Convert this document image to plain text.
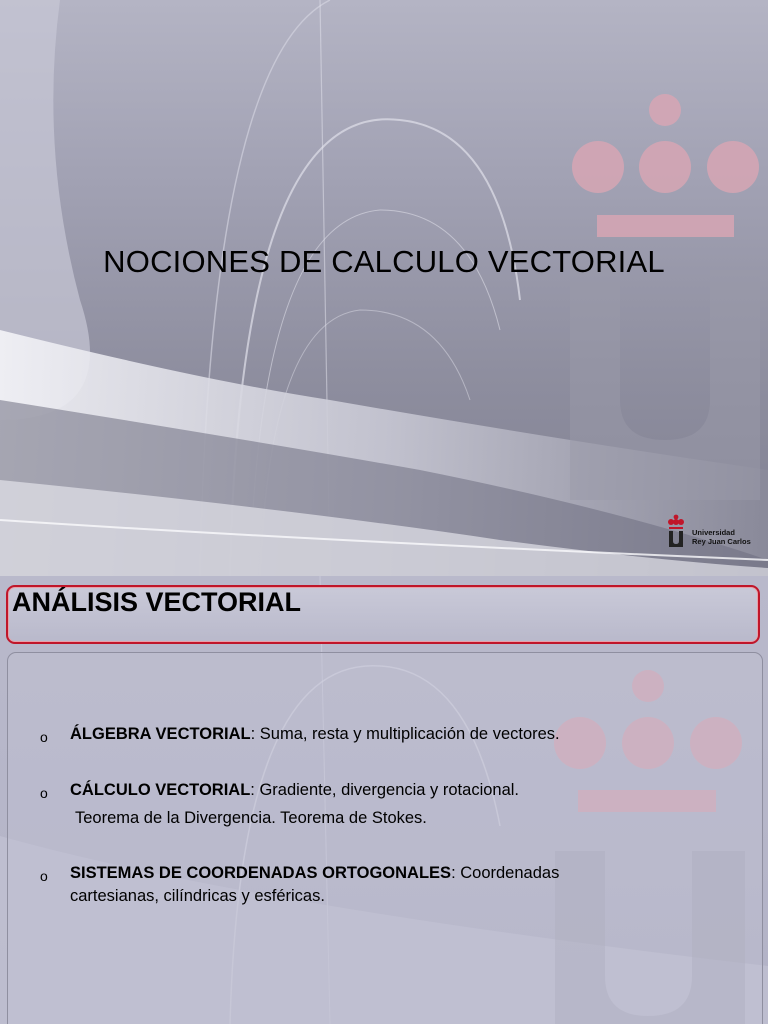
NOCIONES DE CALCULO VECTORIAL
Universidad
Rey Juan Carlos
ANÁLISIS VECTORIAL
o ÁLGEBRA VECTORIAL: Suma, resta y multiplicación de vectores.
o CÁLCULO VECTORIAL: Gradiente, divergencia y rotacional.
Teorema de la Divergencia. Teorema de Stokes.
o SISTEMAS DE COORDENADAS ORTOGONALES: Coordenadas
cartesianas, cilíndricas y esféricas.
